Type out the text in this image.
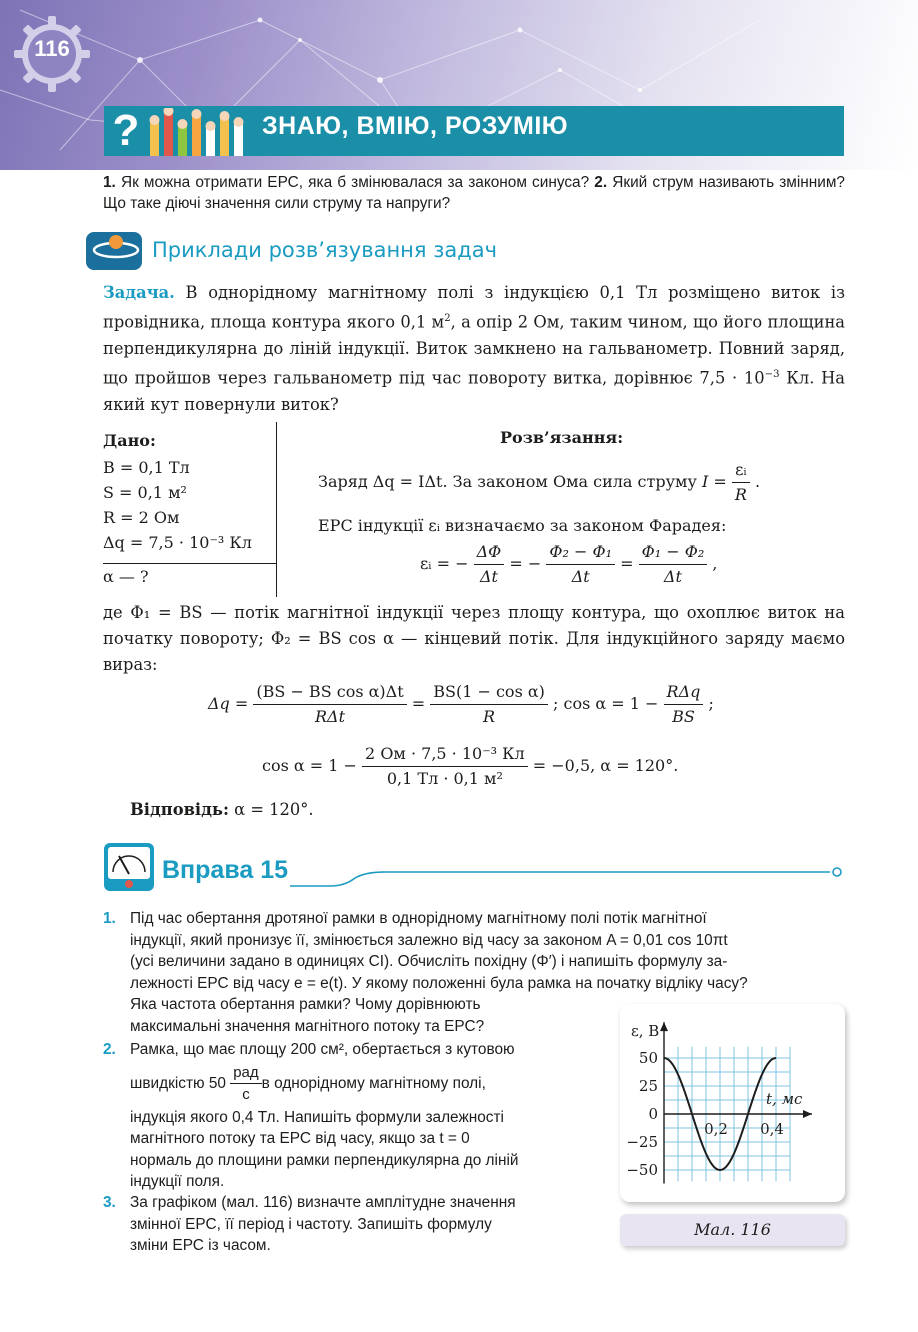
116
?	ЗНАЮ, ВМІЮ, РОЗУМІЮ
1. Як можна отримати ЕРС, яка б змінювалася за законом синуса? 2. Який струм називають змінним? Що таке діючі значення сили струму та напруги?
Приклади розв’язування задач
Задача. В однорідному магнітному полі з індукцією 0,1 Тл розміщено виток із провідника, площа контура якого 0,1 $м^2$, а опір 2 Ом, таким чином, що його площина перпендикулярна до ліній індукції. Виток замкнено на гальванометр. Повний заряд, що пройшов через гальванометр під час повороту витка, дорівнює $7,5 \cdot 10^{-3}$ Кл. На який кут повернули виток?
Дано:
B = 0,1 Тл
S = 0,1 м²
R = 2 Ом
Δq = 7,5 · 10⁻³ Кл
α — ?
Розв’язання:
Заряд Δq = IΔt. За законом Ома сила струму $I = \frac{\text{εᵢ}}{R}$ .
ЕРС індукції εᵢ визначаємо за законом Фарадея:
εᵢ = − $\frac{\Delta\Phi}{\Delta t}$ = − $\frac{\text{Φ₂ − Φ₁}}{\Delta t} = \frac{\text{Φ₁ − Φ₂}}{\Delta t}$ ,
де Φ₁ = BS — потік магнітної індукції через площу контура, що охоплює виток на початку повороту; Φ₂ = BS cos α — кінцевий потік. Для індукційного заряду маємо вираз:
$\Delta q = \frac{\text{(BS − BS cos α)Δt}}{\text{RΔt}} = \frac{\text{BS(1 − cos α)}}{R}$ ; $\cos \alpha = 1 - \frac{\text{RΔq}}{BS}$ ;
$\cos \alpha = 1 - \frac{\text{2 Ом · 7,5 · 10⁻³ Кл}}{\text{0,1 Тл · 0,1 м²}} = -0,5$, α = 120°.
Відповідь: α = 120°.
Вправа 15
1. Під час обертання дротяної рамки в однорідному магнітному полі потік магнітної
індукції, який пронизує її, змінюється залежно від часу за законом A = 0,01 cos 10πt
(усі величини задано в одиницях СІ). Обчисліть похідну (Φ′) і напишіть формулу за-
лежності ЕРС від часу e = e(t). У якому положенні була рамка на початку відліку часу?
Яка частота обертання рамки? Чому дорівнюють
максимальні значення магнітного потоку та ЕРС?
2. Рамка, що має площу 200 см², обертається з кутовою
швидкістю 50
$\frac{\text{рад}}{с}$ в однорідному магнітному полі,
індукція якого 0,4 Тл. Напишіть формули залежності
магнітного потоку та ЕРС від часу, якщо за t = 0
нормаль до площини рамки перпендикулярна до ліній
індукції поля.
3. За графіком (мал. 116) визначте амплітудне значення
змінної ЕРС, її період і частоту. Запишіть формулу
зміни ЕРС із часом.
ε, В
t, мс
50
25
0
−25
−50
0,2 0,4
Мал. 116
